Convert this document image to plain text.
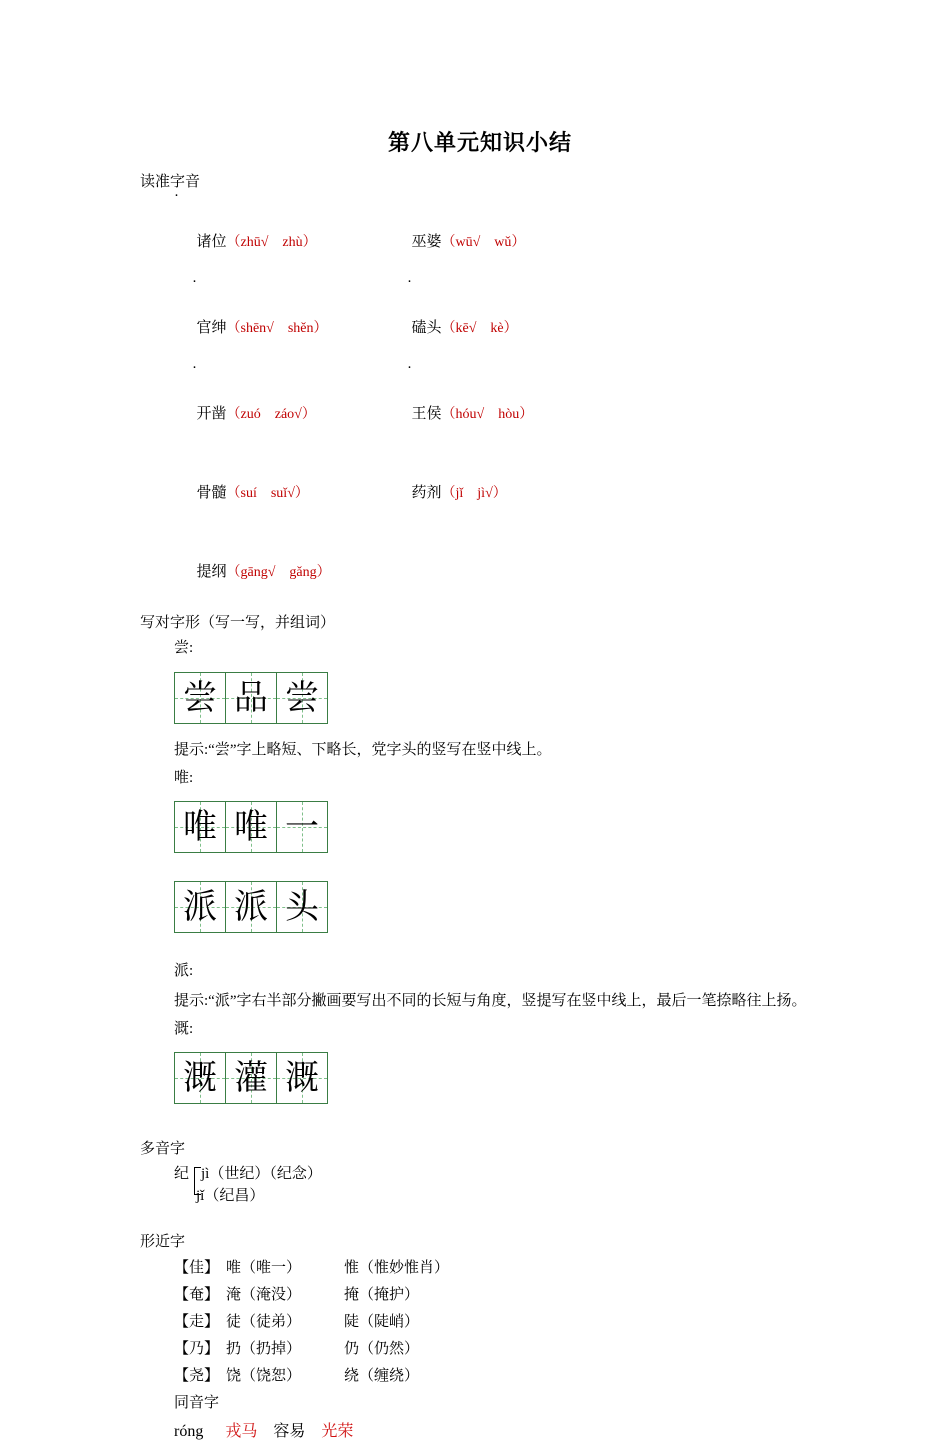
第八单元知识小结
读准字音

诸位（zhū√　zhù）	巫婆（wū√　wǔ）

官绅（shēn√　shěn）	磕头（kē√　kè）

开凿（zuó　záo√）	王侯（hóu√　hòu）

骨髓（suí　suǐ√）	药剂（jǐ　jì√）

提纲（gāng√　gǎng）

写对字形（写一写，并组词）
尝:
尝 品 尝
提示:“尝”字上略短、下略长，党字头的竖写在竖中线上。
唯:
唯 唯 一
派 派 头
派:
提示:“派”字右半部分撇画要写出不同的长短与角度，竖提写在竖中线上，最后一笔捺略往上扬。
溉:
溉 灌 溉
多音字
纪 jì（世纪）（纪念）
jǐ（纪昌）
形近字
【佳】 唯（唯一）	惟（惟妙惟肖）
【奄】 淹（淹没）	掩（掩护）
【走】 徒（徒弟）	陡（陡峭）
【乃】 扔（扔掉）	仍（仍然）
【尧】 饶（饶恕）	绕（缠绕）
同音字
róng 戎马 容易 光荣
